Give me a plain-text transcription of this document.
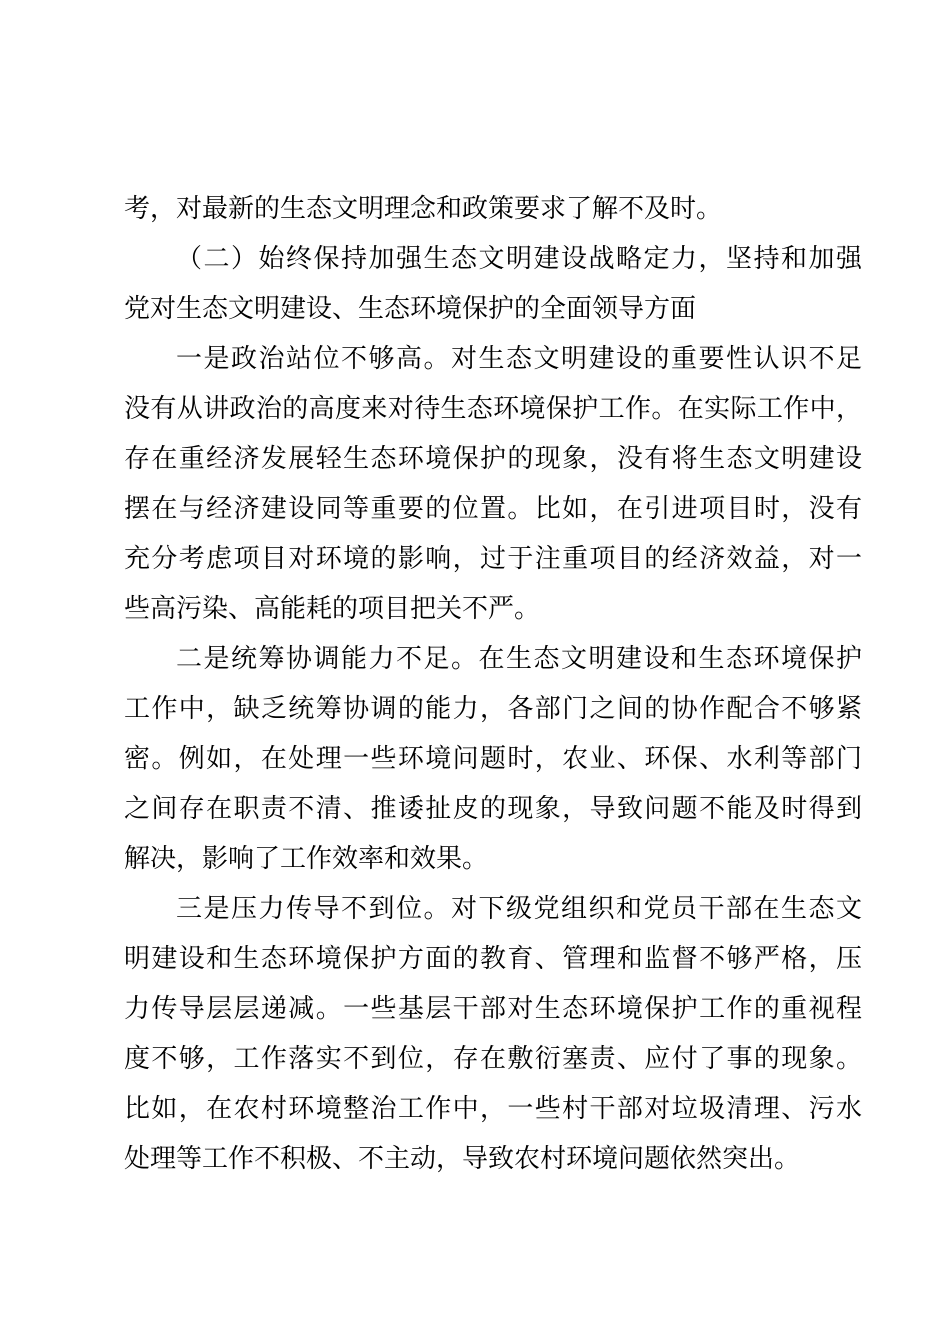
考，对最新的生态文明理念和政策要求了解不及时。

（二）始终保持加强生态文明建设战略定力，坚持和加强

党对生态文明建设、生态环境保护的全面领导方面

一是政治站位不够高。对生态文明建设的重要性认识不足

没有从讲政治的高度来对待生态环境保护工作。在实际工作中，

存在重经济发展轻生态环境保护的现象，没有将生态文明建设

摆在与经济建设同等重要的位置。比如，在引进项目时，没有

充分考虑项目对环境的影响，过于注重项目的经济效益，对一

些高污染、高能耗的项目把关不严。

二是统筹协调能力不足。在生态文明建设和生态环境保护

工作中，缺乏统筹协调的能力，各部门之间的协作配合不够紧

密。例如，在处理一些环境问题时，农业、环保、水利等部门

之间存在职责不清、推诿扯皮的现象，导致问题不能及时得到

解决，影响了工作效率和效果。

三是压力传导不到位。对下级党组织和党员干部在生态文

明建设和生态环境保护方面的教育、管理和监督不够严格，压

力传导层层递减。一些基层干部对生态环境保护工作的重视程

度不够，工作落实不到位，存在敷衍塞责、应付了事的现象。

比如，在农村环境整治工作中，一些村干部对垃圾清理、污水

处理等工作不积极、不主动，导致农村环境问题依然突出。
